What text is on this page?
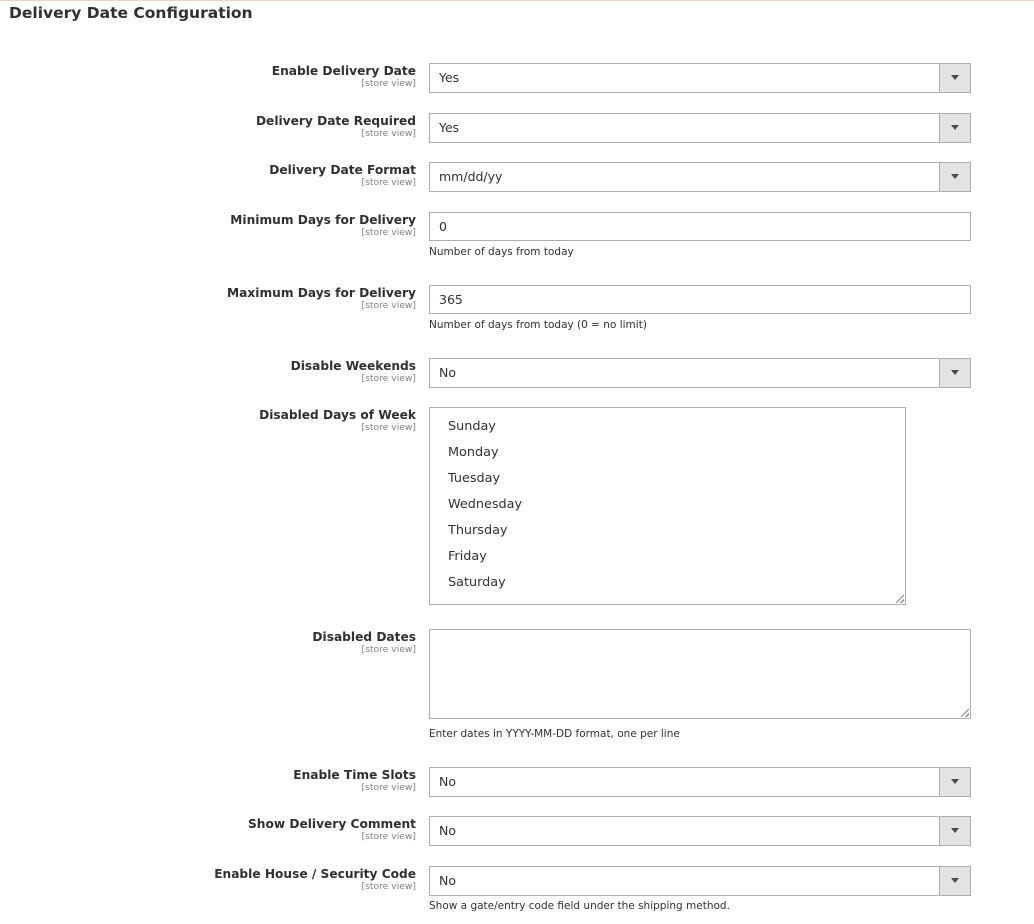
Delivery Date Configuration
Enable Delivery Date
[store view] Yes
Delivery Date Required
[store view] Yes
Delivery Date Format
[store view] mm/dd/yy
Minimum Days for Delivery
[store view] 0
Number of days from today
Maximum Days for Delivery
[store view] 365
Number of days from today (0 = no limit)
Disable Weekends
[store view] No
Disabled Days of Week
[store view]	Sunday
Monday
Tuesday
Wednesday
Thursday
Friday
Saturday
Disabled Dates
[store view]
Enter dates in YYYY-MM-DD format, one per line
Enable Time Slots
[store view] No
Show Delivery Comment
[store view] No
Enable House / Security Code
[store view] No
Show a gate/entry code field under the shipping method.
